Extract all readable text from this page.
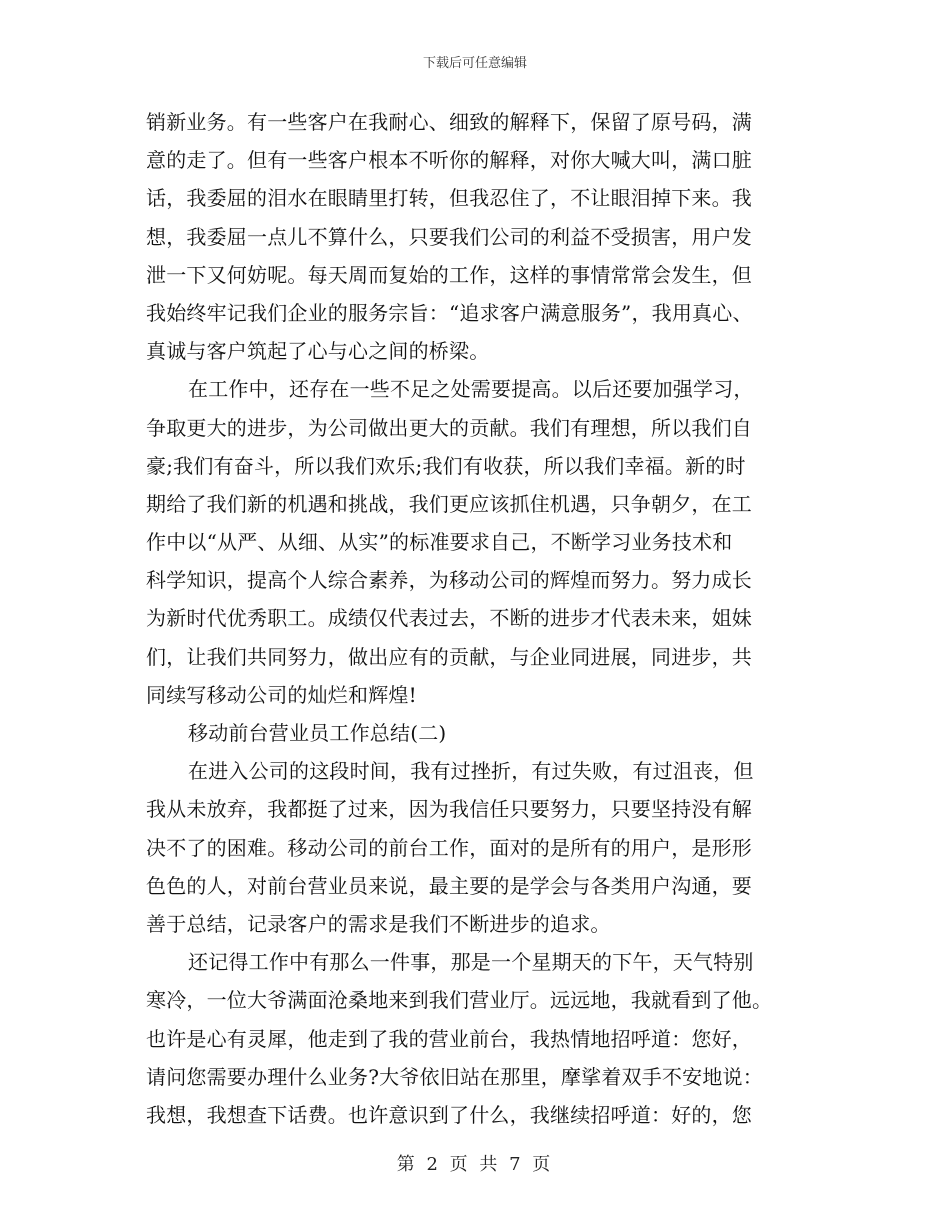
下载后可任意编辑
销新业务。有一些客户在我耐心、细致的解释下，保留了原号码，满
意的走了。但有一些客户根本不听你的解释，对你大喊大叫，满口脏
话，我委屈的泪水在眼睛里打转，但我忍住了，不让眼泪掉下来。我
想，我委屈一点儿不算什么，只要我们公司的利益不受损害，用户发
泄一下又何妨呢。每天周而复始的工作，这样的事情常常会发生，但
我始终牢记我们企业的服务宗旨：“追求客户满意服务”，我用真心、
真诚与客户筑起了心与心之间的桥梁。
在工作中，还存在一些不足之处需要提高。以后还要加强学习，
争取更大的进步，为公司做出更大的贡献。我们有理想，所以我们自
豪;我们有奋斗，所以我们欢乐;我们有收获，所以我们幸福。新的时
期给了我们新的机遇和挑战，我们更应该抓住机遇，只争朝夕，在工
作中以“从严、从细、从实”的标准要求自己，不断学习业务技术和
科学知识，提高个人综合素养，为移动公司的辉煌而努力。努力成长
为新时代优秀职工。成绩仅代表过去，不断的进步才代表未来，姐妹
们，让我们共同努力，做出应有的贡献，与企业同进展，同进步，共
同续写移动公司的灿烂和辉煌!
移动前台营业员工作总结(二)
在进入公司的这段时间，我有过挫折，有过失败，有过沮丧，但
我从未放弃，我都挺了过来，因为我信任只要努力，只要坚持没有解
决不了的困难。移动公司的前台工作，面对的是所有的用户，是形形
色色的人，对前台营业员来说，最主要的是学会与各类用户沟通，要
善于总结，记录客户的需求是我们不断进步的追求。
还记得工作中有那么一件事，那是一个星期天的下午，天气特别
寒冷，一位大爷满面沧桑地来到我们营业厅。远远地，我就看到了他。
也许是心有灵犀，他走到了我的营业前台，我热情地招呼道：您好，
请问您需要办理什么业务?大爷依旧站在那里，摩挲着双手不安地说：
我想，我想查下话费。也许意识到了什么，我继续招呼道：好的，您
第 2 页 共 7 页
